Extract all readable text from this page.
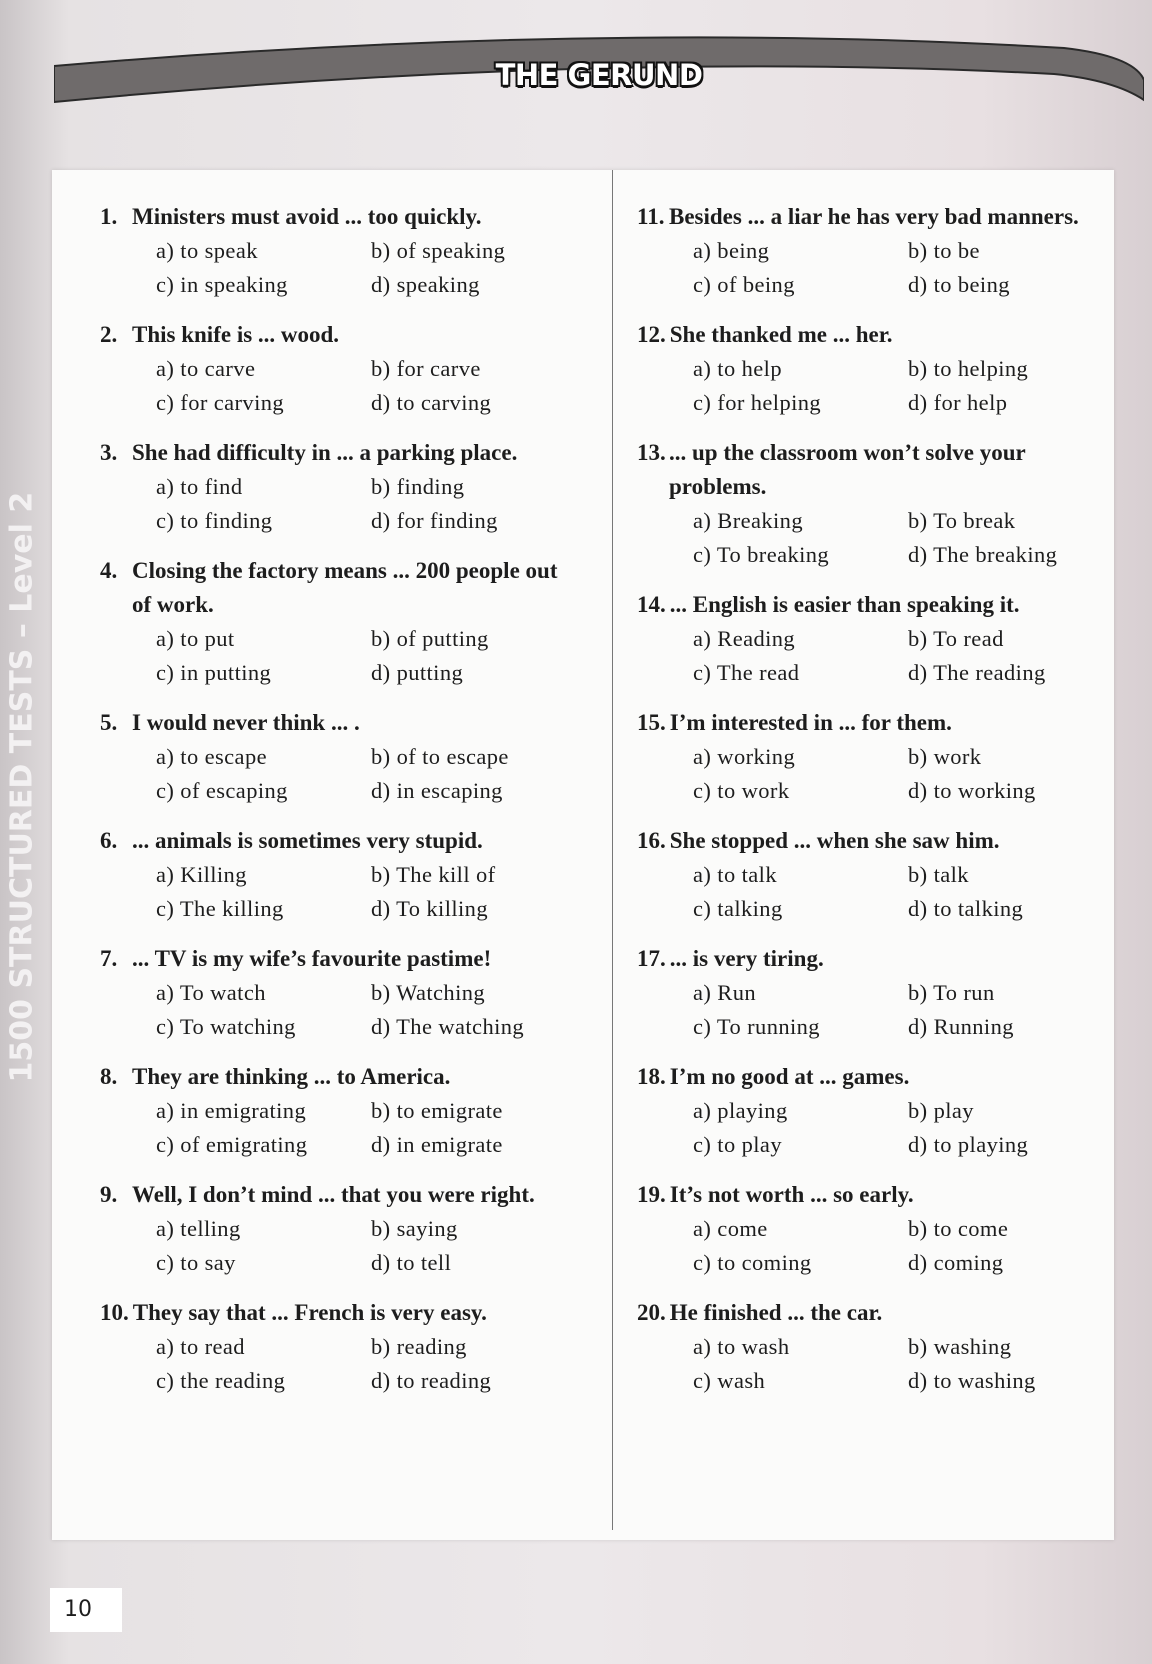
1500 STRUCTURED TESTS – Level 2
THE GERUND
1. Ministers must avoid ... too quickly.
a) to speak	b) of speaking
c) in speaking	d) speaking
2. This knife is ... wood.
a) to carve	b) for carve
c) for carving	d) to carving
3. She had difficulty in ... a parking place.
a) to find	b) finding
c) to finding	d) for finding
4. Closing the factory means ... 200 people out of work.
a) to put	b) of putting
c) in putting	d) putting
5. I would never think ... .
a) to escape	b) of to escape
c) of escaping	d) in escaping
6. ... animals is sometimes very stupid.
a) Killing	b) The kill of
c) The killing	d) To killing
7. ... TV is my wife’s favourite pastime!
a) To watch	b) Watching
c) To watching	d) The watching
8. They are thinking ... to America.
a) in emigrating	b) to emigrate
c) of emigrating	d) in emigrate
9. Well, I don’t mind ... that you were right.
a) telling	b) saying
c) to say	d) to tell
10. They say that ... French is very easy.
a) to read	b) reading
c) the reading	d) to reading
11. Besides ... a liar he has very bad manners.
a) being	b) to be
c) of being	d) to being
12. She thanked me ... her.
a) to help	b) to helping
c) for helping	d) for help
13. ... up the classroom won’t solve your problems.
a) Breaking	b) To break
c) To breaking	d) The breaking
14. ... English is easier than speaking it.
a) Reading	b) To read
c) The read	d) The reading
15. I’m interested in ... for them.
a) working	b) work
c) to work	d) to working
16. She stopped ... when she saw him.
a) to talk	b) talk
c) talking	d) to talking
17. ... is very tiring.
a) Run	b) To run
c) To running	d) Running
18. I’m no good at ... games.
a) playing	b) play
c) to play	d) to playing
19. It’s not worth ... so early.
a) come	b) to come
c) to coming	d) coming
20. He finished ... the car.
a) to wash	b) washing
c) wash	d) to washing
10
